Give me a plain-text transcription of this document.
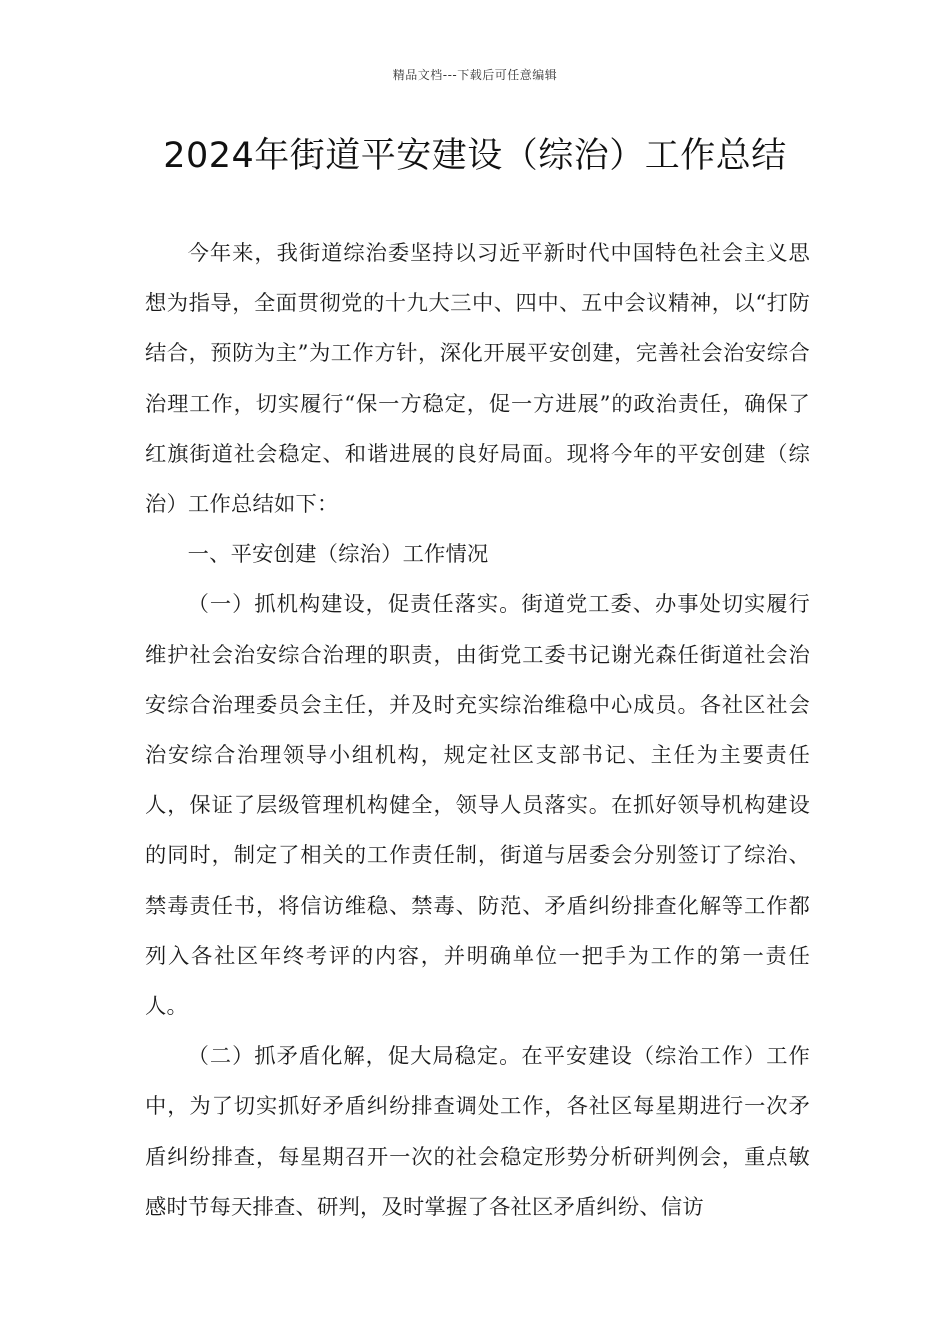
精品文档---下载后可任意编辑
2024年街道平安建设（综治）工作总结

今年来，我街道综治委坚持以习近平新时代中国特色社会主义思想为指导，全面贯彻党的十九大三中、四中、五中会议精神，以“打防结合，预防为主”为工作方针，深化开展平安创建，完善社会治安综合治理工作，切实履行“保一方稳定，促一方进展”的政治责任，确保了红旗街道社会稳定、和谐进展的良好局面。现将今年的平安创建（综治）工作总结如下：

一、平安创建（综治）工作情况

（一）抓机构建设，促责任落实。街道党工委、办事处切实履行维护社会治安综合治理的职责，由街党工委书记谢光森任街道社会治安综合治理委员会主任，并及时充实综治维稳中心成员。各社区社会治安综合治理领导小组机构，规定社区支部书记、主任为主要责任人，保证了层级管理机构健全，领导人员落实。在抓好领导机构建设的同时，制定了相关的工作责任制，街道与居委会分别签订了综治、禁毒责任书，将信访维稳、禁毒、防范、矛盾纠纷排查化解等工作都列入各社区年终考评的内容，并明确单位一把手为工作的第一责任人。

（二）抓矛盾化解，促大局稳定。在平安建设（综治工作）工作中，为了切实抓好矛盾纠纷排查调处工作，各社区每星期进行一次矛盾纠纷排查，每星期召开一次的社会稳定形势分析研判例会，重点敏感时节每天排查、研判，及时掌握了各社区矛盾纠纷、信访
